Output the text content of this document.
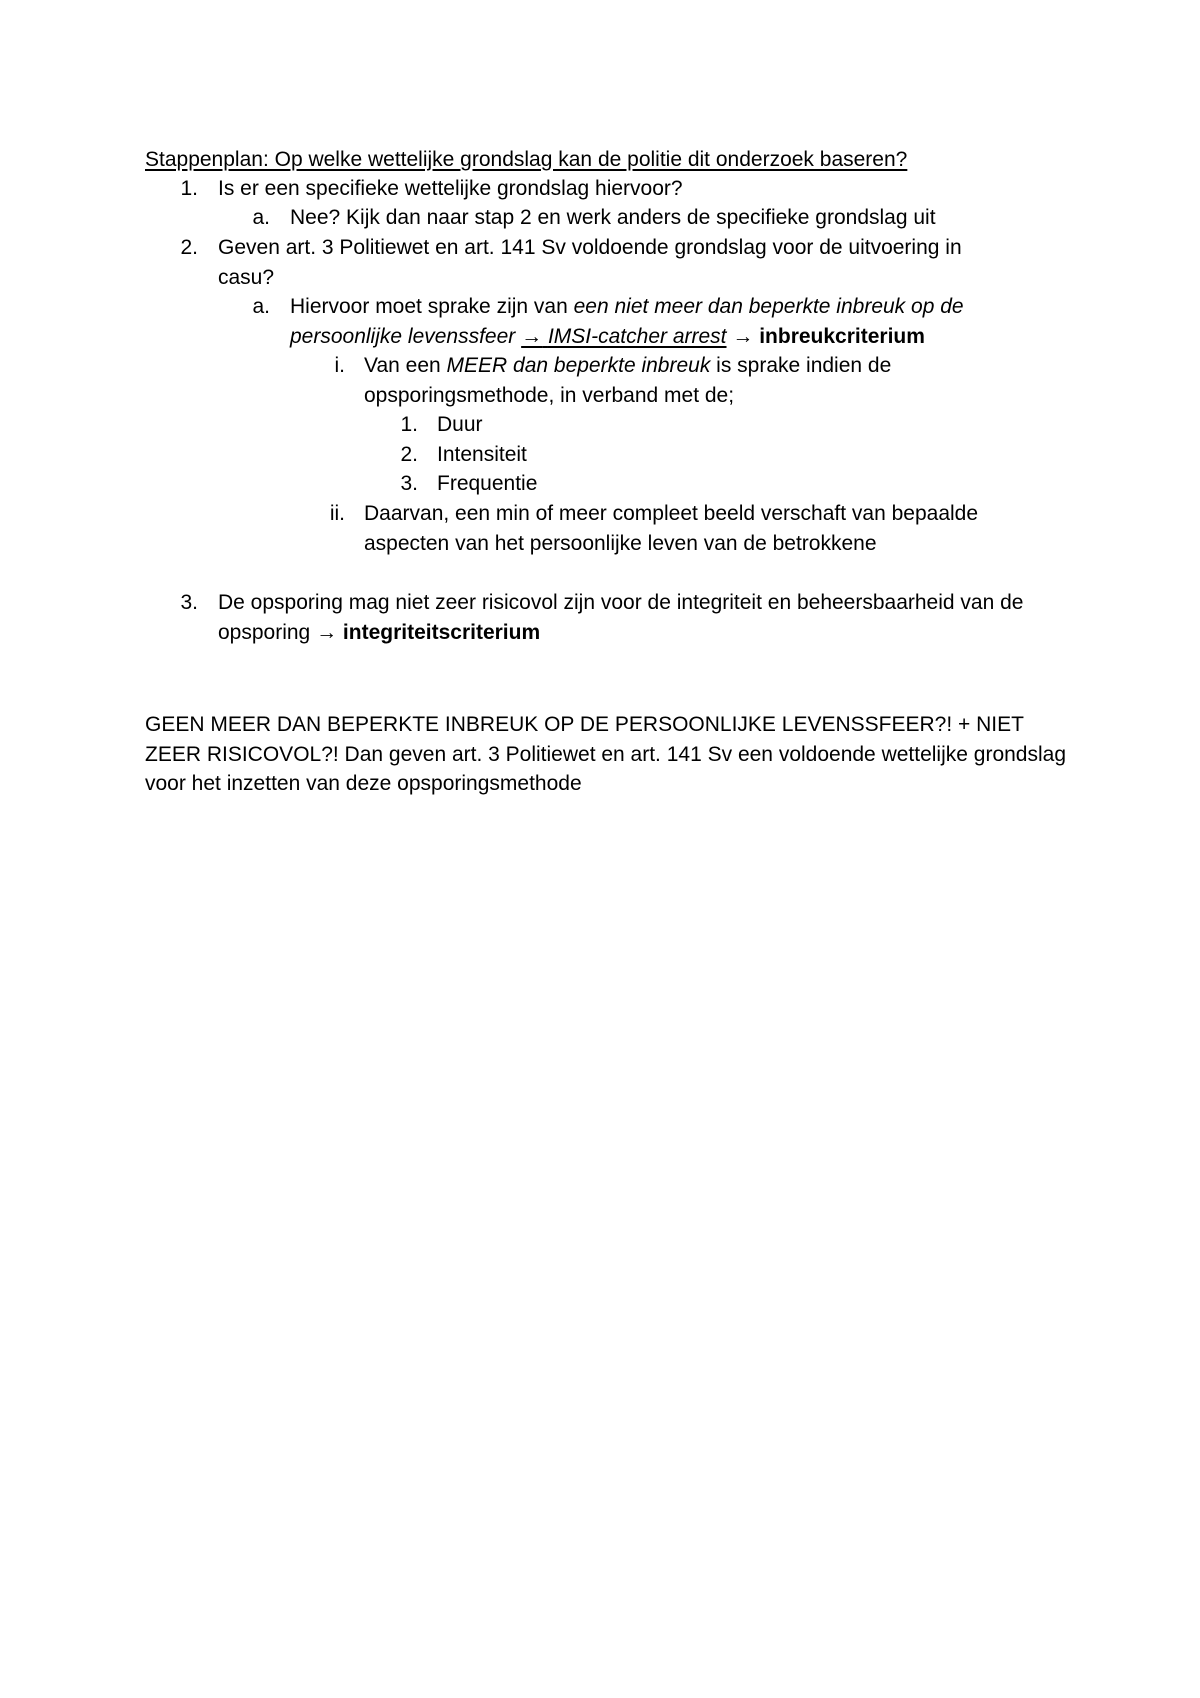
Stappenplan: Op welke wettelijke grondslag kan de politie dit onderzoek baseren?
1. Is er een specifieke wettelijke grondslag hiervoor?
a. Nee? Kijk dan naar stap 2 en werk anders de specifieke grondslag uit
2. Geven art. 3 Politiewet en art. 141 Sv voldoende grondslag voor de uitvoering in casu?
a. Hiervoor moet sprake zijn van een niet meer dan beperkte inbreuk op de persoonlijke levenssfeer → IMSI-catcher arrest → inbreukcriterium
i. Van een MEER dan beperkte inbreuk is sprake indien de opsporingsmethode, in verband met de;
1. Duur
2. Intensiteit
3. Frequentie
ii. Daarvan, een min of meer compleet beeld verschaft van bepaalde aspecten van het persoonlijke leven van de betrokkene
3. De opsporing mag niet zeer risicovol zijn voor de integriteit en beheersbaarheid van de opsporing → integriteitscriterium
GEEN MEER DAN BEPERKTE INBREUK OP DE PERSOONLIJKE LEVENSSFEER?! + NIET ZEER RISICOVOL?! Dan geven art. 3 Politiewet en art. 141 Sv een voldoende wettelijke grondslag voor het inzetten van deze opsporingsmethode
